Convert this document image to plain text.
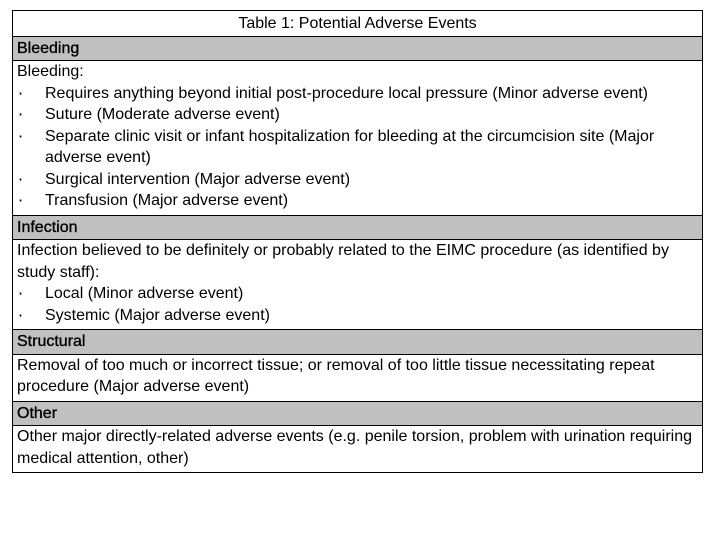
Table 1: Potential Adverse Events
Bleeding

Bleeding:
·	Requires anything beyond initial post-procedure local pressure (Minor adverse event)
·	Suture (Moderate adverse event)
·	Separate clinic visit or infant hospitalization for bleeding at the circumcision site (Major adverse event)
·	Surgical intervention (Major adverse event)
·	Transfusion (Major adverse event)

Infection

Infection believed to be definitely or probably related to the EIMC procedure (as identified by study staff):
·	Local (Minor adverse event)
·	Systemic (Major adverse event)

Structural

Removal of too much or incorrect tissue; or removal of too little tissue necessitating repeat procedure (Major adverse event)

Other

Other major directly-related adverse events (e.g. penile torsion, problem with urination requiring medical attention, other)
